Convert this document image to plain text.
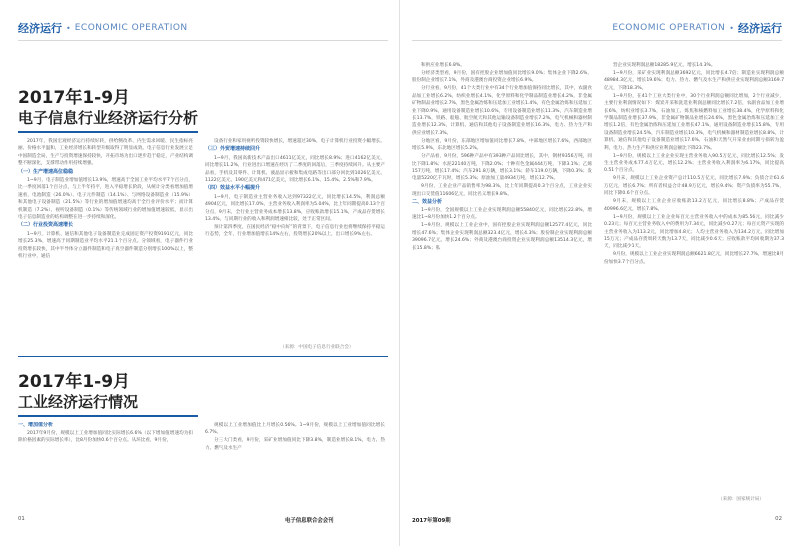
经济运行 • ECONOMIC OPERATION
2017年1-9月
电子信息行业经济运行分析

2017年，我国宏观经济运行持续好转，供给侧改革、内生需求回暖、民生指标亮丽、价格水平温和，工业经济增长和转型升级取得了明显成效。电子信息行业发展立足中国制造全局，生产与投资增速保持较快，开拓市场为出口逐步趋于稳定，产业结构调整不断深化，支撑带动作用持续增强。

（一）生产增速高位稳稳

1~9月，电子制造业增加值增长13.9%，增速高于全国工业平均水平7个百分点，比一季度回落1个百分点，与上半年持平，进入平稳增长阶段，从统计分类看增加值增速看，电池制造（26.0%）、电子元件制造（14.1%）、与网络设备制造业（15.9%）和其他电子设备制造（21.5%）等行业的增加值增速均高于全行业评价水平；而计算机制造（7.2%）、视听设备制造（0.1%）等传统领域行业的增加值增速较低，显示出电子信息制造业的结构调整在进一步持续和深化。

（二）行业投资高速增长

1~9月，计算机、通信和其他电子设备制造业完成固定资产投资9191亿元，同比增长25.3%，增速高于同期制造业平均水平21.1个百分点。分领域看，电子器件行业投资增长较快，其中半导体分立器件制造和电子真空器件制造分别增长100%以上，整机行业中，通信

设备行业和家用视听投资较快增长，增速超过30%，电子计算机行业投资小幅增长。

（三）外贸增速持续回升

1~9月，我国高新技术产品出口4611亿美元，同比增长8.9%；进口4162亿美元，同比增长11.2%，行业进出口增速在经历了二季度的回落后，三季度持续回升。从主要产品看，手机及其零件、计算机、液晶显示板和集成电路等出口部分回比到1026亿美元、1122亿美元、190亿美元和471亿美元，同比增长6.1%、15.4%、2.5%和7.9%。

（四）效益水平小幅提升

1~9月，电子制造业主营业务收入达到97322亿元，同比增长14.5%，利润总额4904亿元，同比增长17.0%，主营业务收入利润率为5.04%，比上年同期提高0.13个百分点，9月末，全行业主营业务成本增长13.8%，应收账款增长15.1%，产成品存货增长13.4%，与同期行业的收入和利润增速相比较，处于正常区间。

预计第四季度，在国民经济“稳中向好”的背景下，电子信息行业也将继续保持平稳运行态势，全年，行业增加值增长14%左右，投资增长20%以上，出口增长9%左右。

（来源：中国电子信息行业联合会）
2017年1-9月
工业经济运行情况

一、增加值分析

2017年9月份，规模以上工业增加值同比实际增长6.6%（以下增加值增速均为扣除价格因素的实际增长率），比8月份加快0.6个百分点。从环比看，9月份，

规模以上工业增加值比上月增长0.56%。1~9月份，规模以上工业增加值同比增长6.7%。

分三大门类看，9月份，采矿业增加值同比下降3.8%，制造业增长8.1%，电力、热力、燃气及水生产

01	电子信息联合会会刊
ECONOMIC OPERATION • 经济运行

和供应业增长6.8%。

分经济类型看，9月份，国有控股企业增加值同比增长9.0%；集体企业下降2.6%，股份制企业增长7.1%，外商及港澳台商投资企业增长6.9%。

分行业看，9月份，41个大类行业中有34个行业增加值保持同比增长，其中，农副食品加工业增长6.2%，纺织业增长4.1%，化学原料和化学制品制造业增长4.2%，非金属矿物制品业增长2.7%，黑色金属冶炼和压延加工业增长1.4%，有色金属冶炼和压延加工业下降0.9%，通用设备制造业增长10.6%，专用设备制造业增长11.3%，汽车制造业增长13.7%，铁路、船舶、航空航天和其他运输设备制造业增长7.2%，电气机械和器材制造业增长12.3%，计算机、通信和其他电子设备制造业增长16.3%，电力、热力生产和供应业增长7.3%。

分地区看，9月份，东部地区增加值同比增长7.8%，中部地区增长7.6%，西部地区增长5.9%，东北地区增长5.2%。

分产品看，9月份，596种产品中有393种产品同比增长，其中，钢材9356万吨，同比下降1.8%；水泥22140万吨，下降2.0%；十种有色金属444万吨，下降3.1%；乙烯157万吨，增长17.4%；汽车291.8万辆，增长3.1%；轿车119.0万辆，下降0.3%；发电量5220亿千瓦时，增长5.3%；原油加工量4934万吨，增长12.7%。

9月份，工业企业产品销售率为98.3%，比上年同期提高0.3个百分点，工业企业实现出口交货值11606亿元，同比名义增长9.8%。

二、效益分析

1~9月份，全国规模以上工业企业实现利润总额55840亿元，同比增长22.8%，增速比1~8月份加快1.2个百分点。

1~9月份，规模以上工业企业中，国有控股企业实现利润总额12577.4亿元，同比增长47.6%；集体企业实现利润总额323.4亿元，增长4.3%；股份制企业实现利润总额39096.7亿元，增长24.6%；外商及港澳台商投资企业实现利润总额13514.3亿元，增长15.8%；私

营企业实现利润总额18285.9亿元，增长14.3%。

1~9月份，采矿业实现利润总额3692亿元，同比增长4.7倍；制造业实现利润总额48984.3亿元，增长19.6%；电力、热力、燃气及水生产和供应业实现利润总额3169.7亿元，下降18.3%。

1~9月份，在41个工业大类行业中，30个行业利润总额同比增加，2个行业减少，主要行业利润情况如下：煤炭开采和洗选业利润总额同比增长7.2倍，农副食品加工业增长6%，纺织业增长3.7%，石油加工、炼焦和核燃料加工业增长38.4%，化学原料和化学制品制造业增长37.9%，非金属矿物制品业增长24.6%，黑色金属冶炼和压延加工业增长1.2倍，有色金属冶炼和压延加工业增长47.1%，通用设备制造业增长15.8%，专用设备制造业增长24.5%，汽车制造业增长10.3%，电气机械和器材制造业增长8.8%，计算机、通信和其他电子设备制造业增长17.6%，石油和天然气开采业由同期亏损转为盈利，电力、热力生产和供应业利润总额比下降23.7%。

1~9月份，规模以上工业企业实现主营业务收入90.5万亿元，同比增长12.5%；发生主营业务成本77.4万亿元，增长12.2%；主营业务收入利润率为6.17%，同比提高0.51个百分点。

9月末，规模以上工业企业资产总计110.5万亿元，同比增长7.9%；负债合计61.6万亿元，增长6.7%；所有者权益合计48.9万亿元，增长9.4%；资产负债率为55.7%，同比下降0.6个百分点。

9月末，规模以上工业企业应收账款13.2万亿元，同比增长8.8%；产成品存货40996.6亿元，增长7.8%。

1~9月份，规模以上工业企业每百元主营业务收入中的成本为85.56元，同比减少0.23元；每百元主营业务收入中的费用为7.34元，同比减少0.27元；每百元资产实现的主营业务收入为113.2元，同比增加4.8元；人均主营业务收入为134.2万元，同比增加15万元；产成品存货周转天数为13.7天，同比减少0.6天；应收账款平均回收期为37.3天，同比减少1天。

9月份，规模以上工业企业实现利润总额6621.8亿元，同比增长27.7%，增速比8月份加快3.7个百分点。

（来源：国家统计局）
2017年第09期	02
